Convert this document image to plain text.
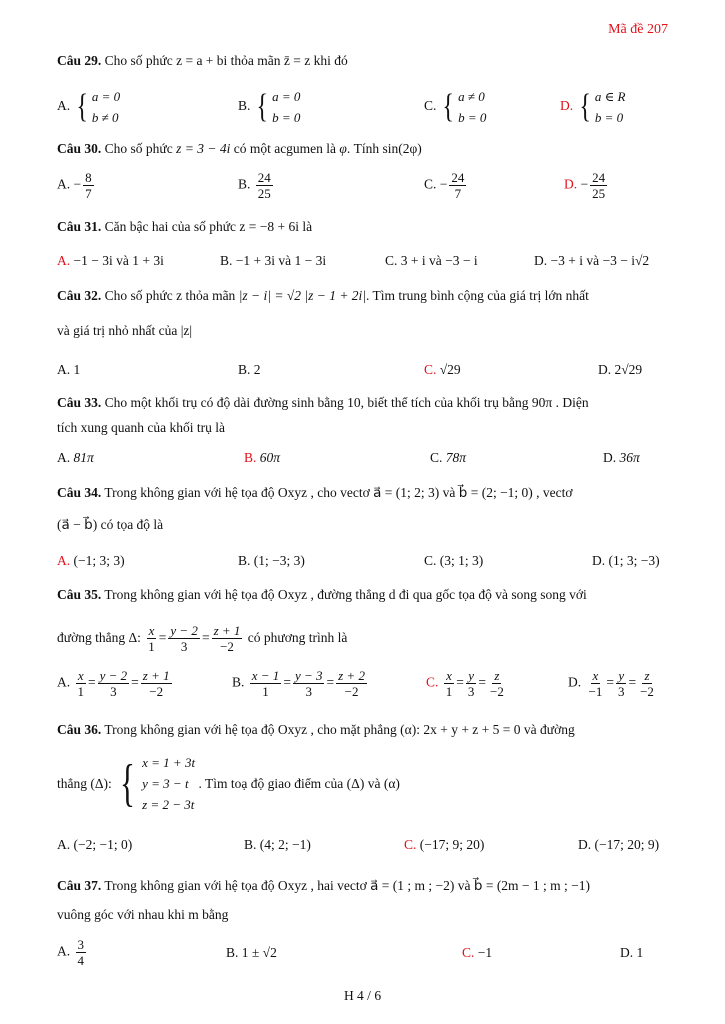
Mã đề 207
Câu 29. Cho số phức z = a + bi thỏa mãn z̄ = z khi đó
A. { a = 0
b ≠ 0
B. { a = 0
b = 0
C. { a ≠ 0
b = 0
D. { a ∈ R
b = 0
Câu 30. Cho số phức z = 3 − 4i có một acgumen là φ. Tính sin(2φ)
A. − $\frac{8}{7}$	B. $\frac{24}{25}$	C. − $\frac{24}{7}$	D. − $\frac{24}{25}$
Câu 31. Căn bậc hai của số phức z = −8 + 6i là
A. −1 − 3i và 1 + 3i	B. −1 + 3i và 1 − 3i	C. 3 + i và −3 − i	D. −3 + i và −3 − i√2
Câu 32. Cho số phức z thỏa mãn |z − i| = √2 |z − 1 + 2i|. Tìm trung bình cộng của giá trị lớn nhất
và giá trị nhỏ nhất của |z|
A. 1	B. 2	C. √29	D. 2√29
Câu 33. Cho một khối trụ có độ dài đường sinh bằng 10, biết thể tích của khối trụ bằng 90π . Diện
tích xung quanh của khối trụ là
A. 81π	B. 60π	C. 78π	D. 36π
Câu 34. Trong không gian với hệ tọa độ Oxyz , cho vectơ a⃗ = (1; 2; 3) và b⃗ = (2; −1; 0) , vectơ
(a⃗ − b⃗) có tọa độ là
A. (−1; 3; 3)	B. (1; −3; 3)	C. (3; 1; 3)	D. (1; 3; −3)
Câu 35. Trong không gian với hệ tọa độ Oxyz , đường thẳng d đi qua gốc tọa độ và song song với
đường thẳng Δ: $\frac{x}{1} = \frac{y - 2}{3} = \frac{z + 1}{-2}$ có phương trình là
A. $\frac{x}{1} = \frac{y - 2}{3} = \frac{z + 1}{-2}$	B. $\frac{x - 1}{1} = \frac{y - 3}{3} = \frac{z + 2}{-2}$	C. $\frac{x}{1} = \frac{y}{3} = \frac{z}{-2}$	D. $\frac{x}{-1} = \frac{y}{3} = \frac{z}{-2}$
Câu 36. Trong không gian với hệ tọa độ Oxyz , cho mặt phẳng (α): 2x + y + z + 5 = 0 và đường
thẳng (Δ):
{ x = 1 + 3t
y = 3 − t
z = 2 − 3t

. Tìm toạ độ giao điểm của (Δ) và (α)
A. (−2; −1; 0)	B. (4; 2; −1)	C. (−17; 9; 20)	D. (−17; 20; 9)
Câu 37. Trong không gian với hệ tọa độ Oxyz , hai vectơ a⃗ = (1 ; m ; −2) và b⃗ = (2m − 1 ; m ; −1)
vuông góc với nhau khi m bằng
A. $\frac{3}{4}$	B. 1 ± √2	C. −1	D. 1
H 4 / 6
